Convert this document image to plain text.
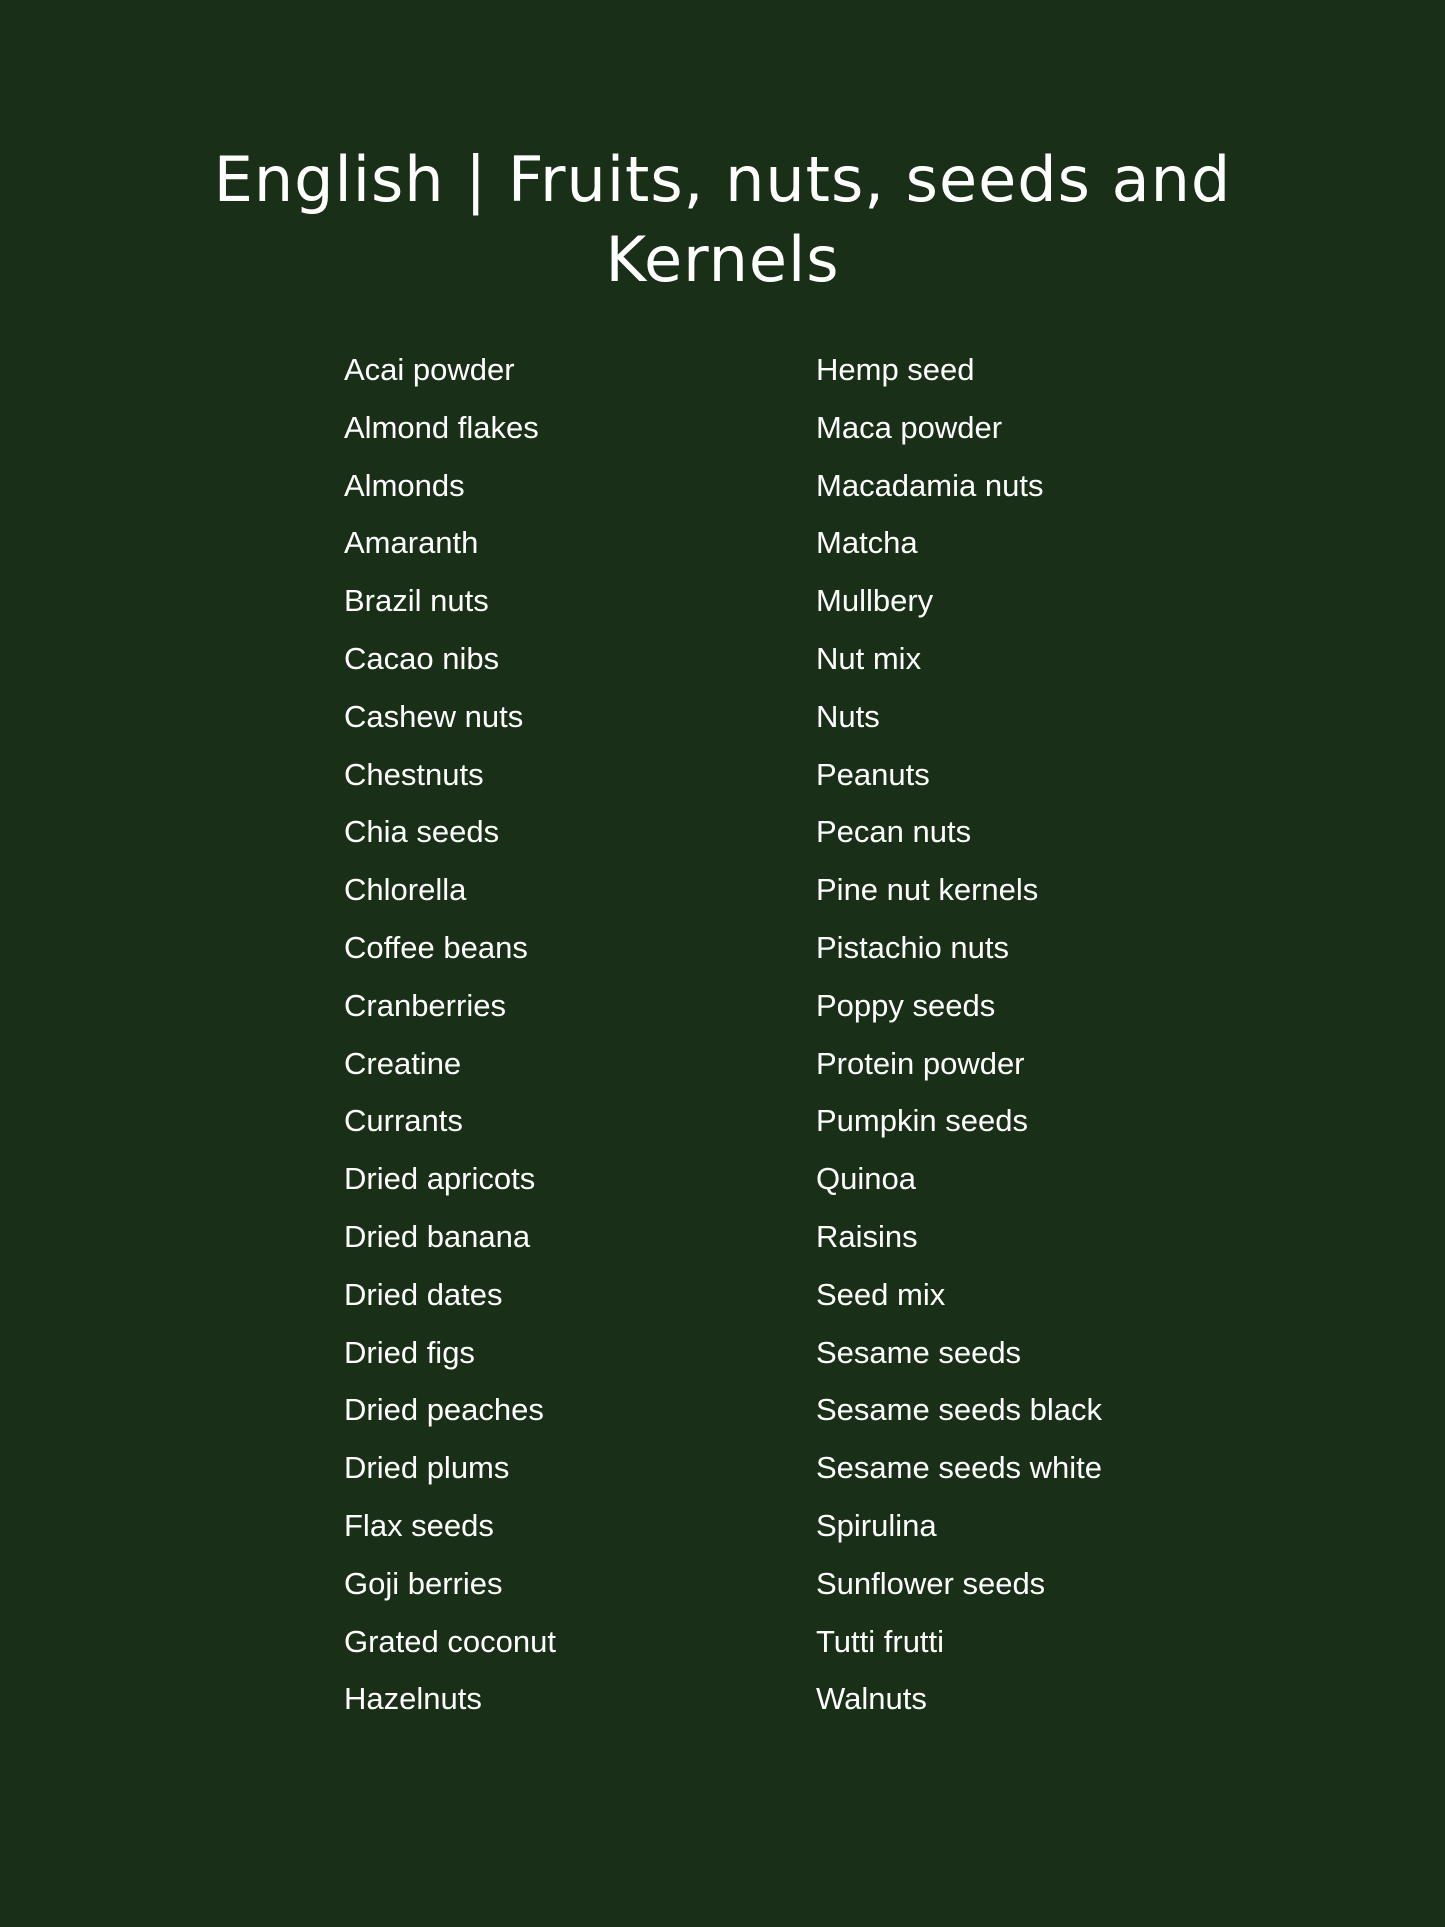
English | Fruits, nuts, seeds and
Kernels
Acai powder
Almond flakes
Almonds
Amaranth
Brazil nuts
Cacao nibs
Cashew nuts
Chestnuts
Chia seeds
Chlorella
Coffee beans
Cranberries
Creatine
Currants
Dried apricots
Dried banana
Dried dates
Dried figs
Dried peaches
Dried plums
Flax seeds
Goji berries
Grated coconut
Hazelnuts
Hemp seed
Maca powder
Macadamia nuts
Matcha
Mullbery
Nut mix
Nuts
Peanuts
Pecan nuts
Pine nut kernels
Pistachio nuts
Poppy seeds
Protein powder
Pumpkin seeds
Quinoa
Raisins
Seed mix
Sesame seeds
Sesame seeds black
Sesame seeds white
Spirulina
Sunflower seeds
Tutti frutti
Walnuts
